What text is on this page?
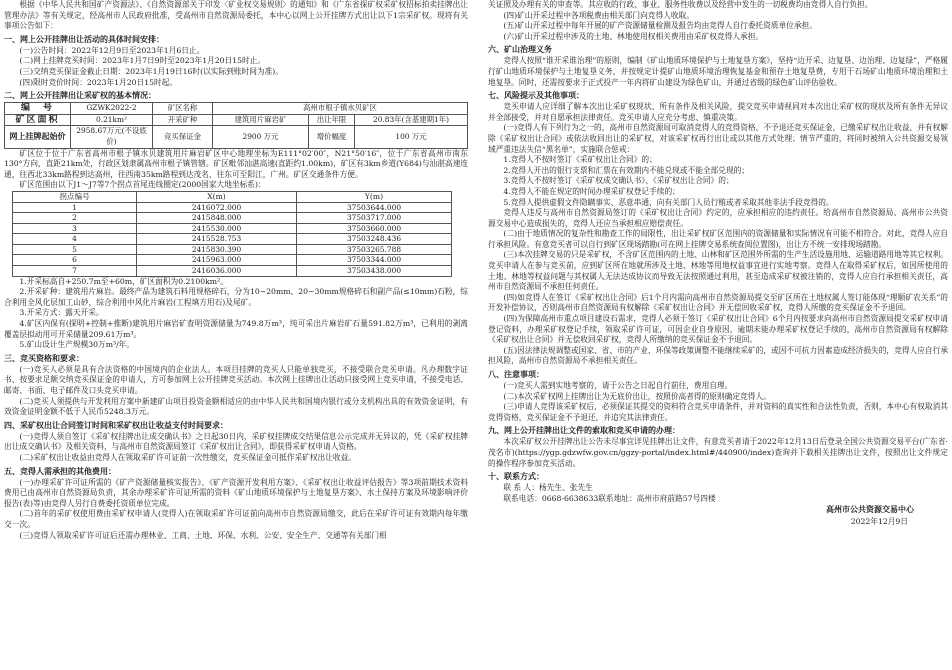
根据《中华人民共和国矿产资源法》、《自然资源部关于印发〈矿业权交易规则〉的通知》和《广东省探矿权采矿权招标拍卖挂牌出让管理办法》等有关规定，经高州市人民政府批准，受高州市自然资源局委托，本中心以网上公开挂牌方式出让以下1宗采矿权。现将有关事项公告如下：

一、网上公开挂牌出让活动的具体时间安排：

(一)公告时间：2022年12月9日至2023年1月6日止。

(二)网上挂牌竞买时间：2023年1月7日9时至2023年1月20日15时止。

(三)交纳竞买保证金截止日期：2023年1月19日16时(以实际到账时间为准)。

(四)限时竞价时间：2023年1月20日15时起。

二、网上公开挂牌出让采矿权的基本情况：

编　号	GZWK2022-2	矿区名称	高州市根子镇水贝矿区		
矿区面积	0.21km²	开采矿种	建筑用片麻岩矿	出让年限	20.83年(含基建期1年)
网上挂牌起始价	2958.67万元(不设底价)	竞买保证金	2900 万元	增价幅度	100 万元

矿区位于位于广东省高州市根子镇水贝建筑用片麻岩矿区中心地理坐标为E111°02′00″，N21°50′16″，位于广东省高州市南东130°方向，直距21km处，行政区划隶属高州市根子镇管辖。矿区毗邻汕湛高速(直距约1.00km)，矿区有3km乡道(Y684)与汕湛高速连通，往西北33km路程到达高州，往西南35km路程到达茂名，往东可至阳江，广州。矿区交通条件方便。

矿区范围由以下J1～J7等7个拐点首尾连线圈定(2000国家大地坐标系)：

拐点编号	X(m)	Y(m)
1	2416072.000	37503644.000
2	2415848.000	37503717.000
3	2415530.000	37503660.000
4	2415528.753	37503248.436
5	2415830.390	37503265.788
6	2415963.000	37503344.000
7	2416036.000	37503438.000

1.开采标高自+250.7m至+60m，矿区面积为0.2100km²。

2.开采矿种：建筑用片麻岩。最终产品为建筑石料用规格碎石，分为10~20mm、20~30mm规格碎石和副产品(≤10mm)石粉，综合利用全风化层加工山砂，综合利用中风化片麻岩(工程填方用石)及尾矿。

3.开采方式：露天开采。

4.矿区内保有(探明+控制+推断)建筑用片麻岩矿查明资源储量为749.8万m³，纯可采出片麻岩矿石量591.82万m³，已利用的剥离覆盖层拟动用可开采储量209.61万m³。

5.矿山设计生产规模30万m³/年。

三、竞买资格和要求：

(一)竞买人必须是具有合法资格的中国境内的企业法人。本项目挂牌的竞买人只能单独竞买，不接受联合竞买申请。凡办理数字证书、按要求足额交纳竞买保证金的申请人，方可参加网上公开挂牌竞买活动。本次网上挂牌出让活动只接受网上竞买申请，不接受电话、邮寄、书面、电子邮件及口头竞买申请。

(二)竞买人须提供与开发利用方案中新建矿山项目投资金额相适应的由中华人民共和国境内银行或分支机构出具的有效资金证明，有效资金证明金额不低于人民币5248.3万元。

四、采矿权出让合同签订时间和采矿权出让收益支付时间要求：

(一)竞得人须自签订《采矿权挂牌出让成交确认书》之日起30日内，采矿权挂牌成交结果信息公示完成并无异议的，凭《采矿权挂牌出让成交确认书》及相关资料，与高州市自然资源局签订《采矿权出让合同》，即获得采矿权申请人资格。

(二)采矿权出让收益由竞得人在领取采矿许可证前一次性缴交，竞买保证金可抵作采矿权出让收益。

五、竞得人需承担的其他费用：

(一)办理采矿许可证所需的《矿产资源储量核实报告》、《矿产资源开发利用方案》、《采矿权出让收益评估报告》等3项前期技术资料费用已由高州市自然资源局负责，其余办理采矿许可证所需的资料《矿山地质环境保护与土地复垦方案》、水土保持方案及环境影响评价报告(表)等)由竞得人另行自费委托资质单位完成。

(二)首年的采矿权使用费由采矿权申请人(竞得人)在领取采矿许可证前向高州市自然资源局缴交，此后在采矿许可证有效期内每年缴交一次。

(三)竞得人领取采矿许可证后还需办理林业、工商、土地、环保、水利、公安、安全生产、交通等有关部门相

关证照及办理有关的审查等。其应收的行政、事业、服务性收费以及经营中发生的一切税费均由竞得人自行负担。

(四)矿山开采过程中各项税费由相关部门向竞得人收取。

(五)矿山开采过程中每年开展的矿产资源储量检测及报告均由竞得人自行委托资质单位承担。

(六)矿山开采过程中涉及的土地、林地使用权相关费用由采矿权竞得人承担。

六、矿山治理义务

竞得人按照“谁开采谁治理”的原则，编制《矿山地质环境保护与土地复垦方案》，坚持“边开采、边复垦、边治理、边复绿”，严格履行矿山地质环境保护与土地复垦义务，并按规定计提矿山地质环境治理恢复基金和预存土地复垦费，专用于石场矿山地质环境治理和土地复垦。同时，还需按要求于正式投产一年内将矿山建设为绿色矿山，并通过省级的绿色矿山评估验收。

七、风险提示及其他事项：

竞买申请人应详细了解本次出让采矿权现状、所有条件及相关风险，提交竞买申请视同对本次出让采矿权的现状及所有条件无异议并全部接受，并对自愿承担法律责任。竞买申请人应充分考虑、慎重决策。

(一)竞得人有下列行为之一的，高州市自然资源局可取消竞得人的竞得资格，不予退还竞买保证金，已缴采矿权出让收益，并有权解除《采矿权出让合同》或依法收回出让的采矿权，对该采矿权再行出让或以其他方式处理；情节严重的，将同时被纳入公共资源交易领域严重违法失信“黑名单”，实施联合惩戒：

1.竞得人不按时签订《采矿权出让合同》的；

2.竞得人开出的银行支票和汇票在有效期内不能兑现或不能全部兑现的；

3.竞得人不按时签订《采矿权成交确认书》、《采矿权出让合同》的；

4.竞得人不能在规定的时间办理采矿权登记手续的；

5.竞得人提供虚假文件隐瞒事实、恶意串通，向有关部门人员行贿或者采取其他非法手段竞得的。

竞得人违反与高州市自然资源局签订的《采矿权出让合同》约定的，应承担相应的违约责任。给高州市自然资源局、高州市公共资源交易中心造成损失的，竞得人还应当承担相应赔偿责任。

(二)由于地质情况的复杂性和勘查工作的局限性，出让采矿权矿区范围内的资源储量和实际情况有可能不相符合。对此，竞得人应自行承担风险。有意竞买者可以自行到矿区现场踏勘(可在网上挂牌交易系统查阅位置图)，出让方不统一安排现场踏勘。

(三)本次挂牌交易的只是采矿权，不含矿区范围内的土地、山林和矿区范围外所需的生产生活设施用地、运输道路用地等其它权利。竞买申请人在参与竞买前，应到矿区所在地就所涉及土地、林地等用地权益事宜进行实地考察。竞得人在取得采矿权后，如因所使用的土地、林地等权益问题与其权属人无法达成协议而导致无法按照通过利用，甚至造成采矿权被注销的，竞得人应自行承担相关责任，高州市自然资源局不承担任何责任。

(四)如竞得人在签订《采矿权出让合同》后1个月内需向高州市自然资源局提交至矿区所在土地权属人签订能体现“理顺矿农关系”的开发补偿协议，否则高州市自然资源局有权解除《采矿权出让合同》并无偿回收采矿权，竞得人所缴的竞买保证金不予退回。

(四)为保障高州市重点项目建设石需求，竞得人必须于签订《采矿权出让合同》6个月内按要求向高州市自然资源局提交采矿权申请登记资料，办理采矿权登记手续，领取采矿许可证，可因企业自身原因，逾期未能办理采矿权登记手续的，高州市自然资源局有权解除《采矿权出让合同》并无偿收回采矿权，竞得人所缴纳的竞买保证金不予退回。

(五)因法律法规调整或国家、省、市的产业、环保等政策调整不能继续采矿的，或因不可抗力因素造成经济损失的，竞得人应自行承担风险，高州市自然资源局不承担相关责任。

八、注意事项：

(一)竞买人需到实地考察的，请于公告之日起自行前往，费用自理。

(二)本次采矿权网上挂牌出让为无底价出让，按照价高者得的原则确定竞得人。

(三)申请人竞得该采矿权后，必须保证其提交的资料符合竞买申请条件，并对资料的真实性和合法性负责，否则，本中心有权取消其竞得资格，竞买保证金不予退还，并追究其法律责任。

九、网上公开挂牌出让文件的索取和竞买申请的办理：

本次采矿权公开挂牌出让公告未尽事宜详见挂牌出让文件，有意竞买者请于2022年12月13日后登录全国公共资源交易平台(广东省·茂名市)(https://ygp.gdzwfw.gov.cn/ggzy-portal/index.html#/440900/index)查询并下载相关挂牌出让文件，按照出让文件规定的操作程序参加竞买活动。

十、联系方式：

联 系 人：杨先生、张先生

联系电话：0668-6638633联系地址：高州市府前路57号四楼

高州市公共资源交易中心

2022年12月9日
